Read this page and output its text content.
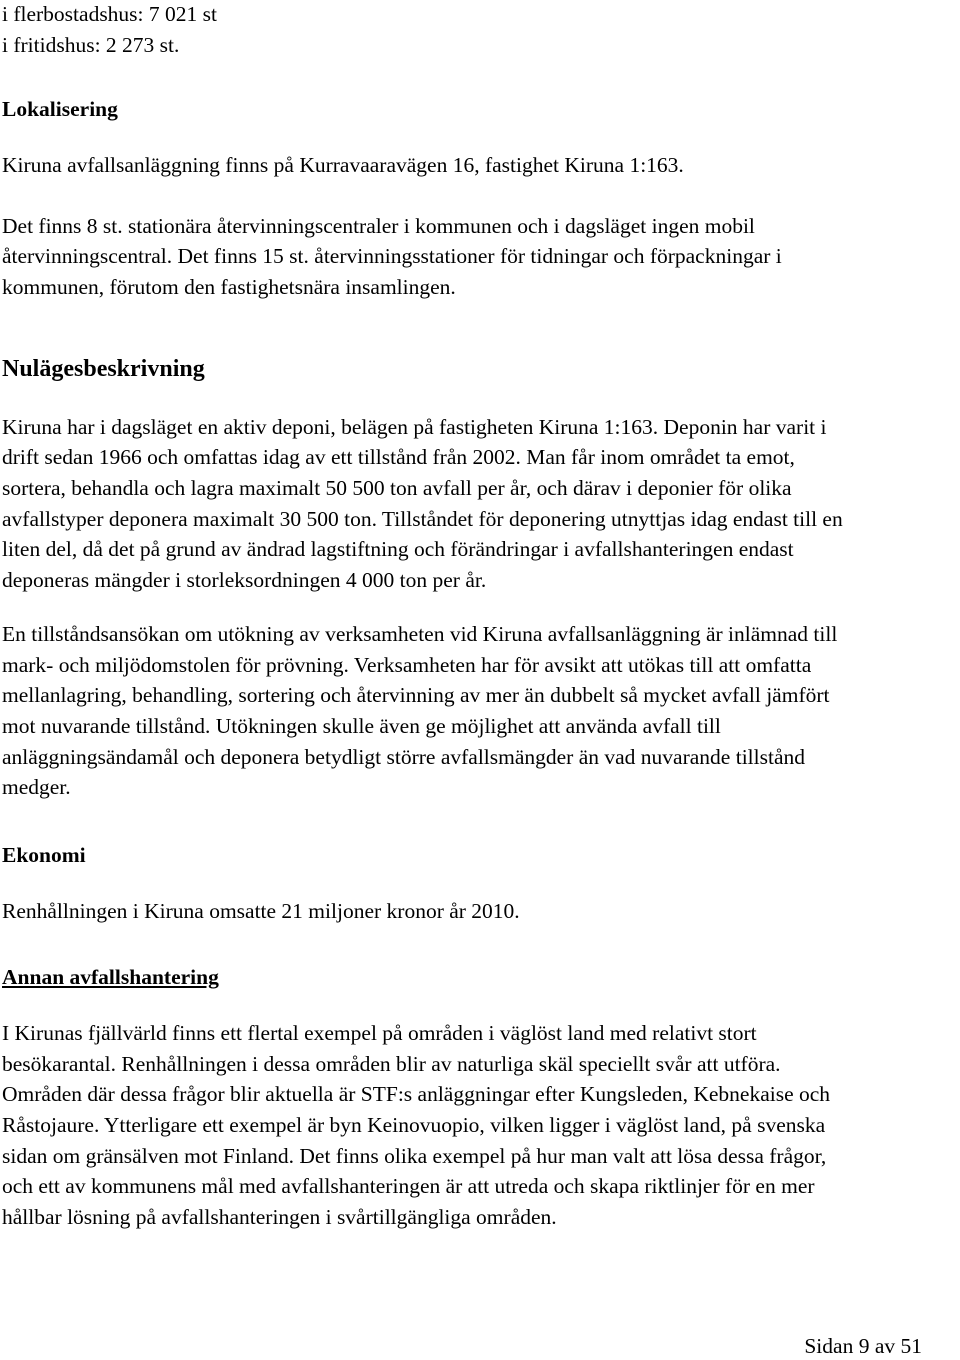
i flerbostadshus: 7 021 st

i fritidshus: 2 273 st.

Lokalisering

Kiruna avfallsanläggning finns på Kurravaaravägen 16, fastighet Kiruna 1:163.

Det finns 8 st. stationära återvinningscentraler i kommunen och i dagsläget ingen mobil

återvinningscentral. Det finns 15 st. återvinningsstationer för tidningar och förpackningar i

kommunen, förutom den fastighetsnära insamlingen.

Nulägesbeskrivning

Kiruna har i dagsläget en aktiv deponi, belägen på fastigheten Kiruna 1:163. Deponin har varit i

drift sedan 1966 och omfattas idag av ett tillstånd från 2002. Man får inom området ta emot,

sortera, behandla och lagra maximalt 50 500 ton avfall per år, och därav i deponier för olika

avfallstyper deponera maximalt 30 500 ton. Tillståndet för deponering utnyttjas idag endast till en

liten del, då det på grund av ändrad lagstiftning och förändringar i avfallshanteringen endast

deponeras mängder i storleksordningen 4 000 ton per år.

En tillståndsansökan om utökning av verksamheten vid Kiruna avfallsanläggning är inlämnad till

mark- och miljödomstolen för prövning. Verksamheten har för avsikt att utökas till att omfatta

mellanlagring, behandling, sortering och återvinning av mer än dubbelt så mycket avfall jämfört

mot nuvarande tillstånd. Utökningen skulle även ge möjlighet att använda avfall till

anläggningsändamål och deponera betydligt större avfallsmängder än vad nuvarande tillstånd

medger.

Ekonomi

Renhållningen i Kiruna omsatte 21 miljoner kronor år 2010.

Annan avfallshantering

I Kirunas fjällvärld finns ett flertal exempel på områden i väglöst land med relativt stort

besökarantal. Renhållningen i dessa områden blir av naturliga skäl speciellt svår att utföra.

Områden där dessa frågor blir aktuella är STF:s anläggningar efter Kungsleden, Kebnekaise och

Råstojaure. Ytterligare ett exempel är byn Keinovuopio, vilken ligger i väglöst land, på svenska

sidan om gränsälven mot Finland. Det finns olika exempel på hur man valt att lösa dessa frågor,

och ett av kommunens mål med avfallshanteringen är att utreda och skapa riktlinjer för en mer

hållbar lösning på avfallshanteringen i svårtillgängliga områden.

Sidan 9 av 51
